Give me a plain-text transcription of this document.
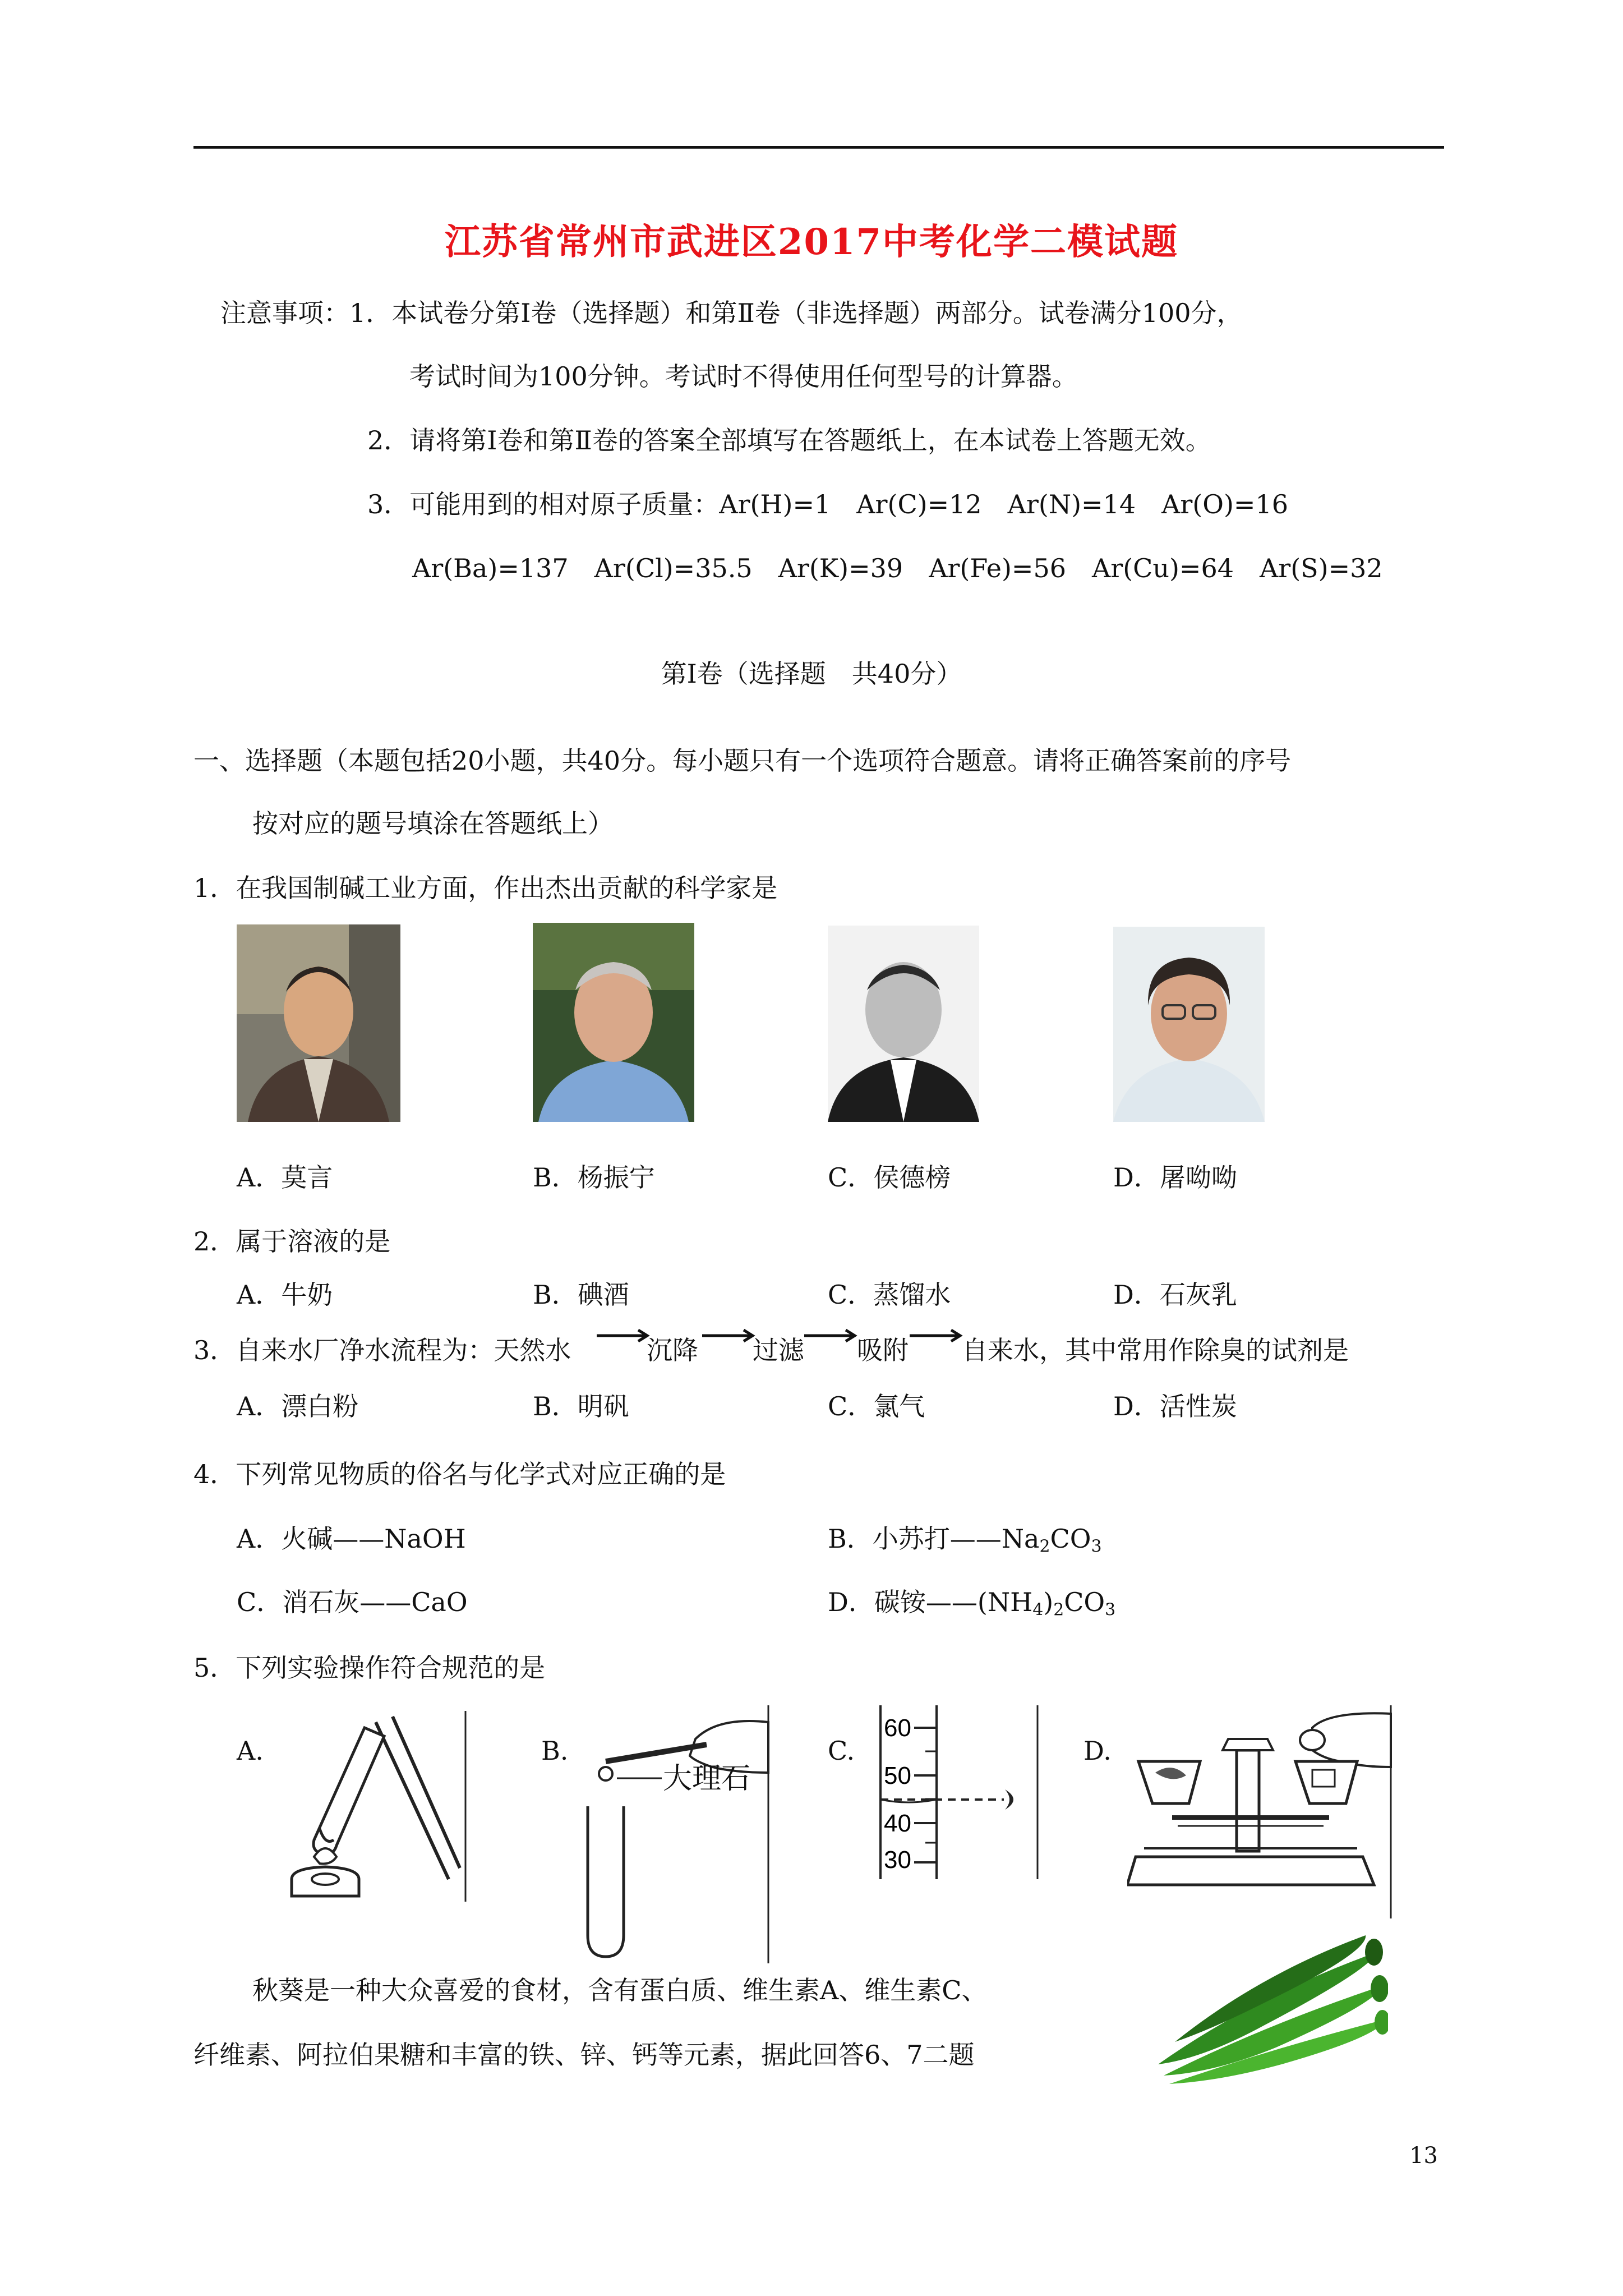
江苏省常州市武进区2017中考化学二模试题
注意事项：1．本试卷分第Ⅰ卷（选择题）和第Ⅱ卷（非选择题）两部分。试卷满分100分，
考试时间为100分钟。考试时不得使用任何型号的计算器。
2．请将第Ⅰ卷和第Ⅱ卷的答案全部填写在答题纸上，在本试卷上答题无效。
3．可能用到的相对原子质量：Ar(H)=1　Ar(C)=12　Ar(N)=14　Ar(O)=16
Ar(Ba)=137　Ar(Cl)=35.5　Ar(K)=39　Ar(Fe)=56　Ar(Cu)=64　Ar(S)=32
第Ⅰ卷（选择题　共40分）
一、选择题（本题包括20小题，共40分。每小题只有一个选项符合题意。请将正确答案前的序号
按对应的题号填涂在答题纸上）
1．在我国制碱工业方面，作出杰出贡献的科学家是
A．莫言	B．杨振宁	C．侯德榜	D．屠呦呦
2．属于溶液的是
A．牛奶	B．碘酒	C．蒸馏水	D．石灰乳
3．自来水厂净水流程为：天然水	沉降 过滤 吸附 自来水，其中常用作除臭的试剂是
A．漂白粉	B．明矾	C．氯气	D．活性炭
4．下列常见物质的俗名与化学式对应正确的是
A．火碱——NaOH	B．小苏打$——Na_2CO_3$
C．消石灰——CaO	D．碳铵$——(NH_4)_2CO_3$
5．下列实验操作符合规范的是
A.	B.
大理石
C.
60
50
40
30
D.
秋葵是一种大众喜爱的食材，含有蛋白质、维生素A、维生素C、
纤维素、阿拉伯果糖和丰富的铁、锌、钙等元素，据此回答6、7二题
13
